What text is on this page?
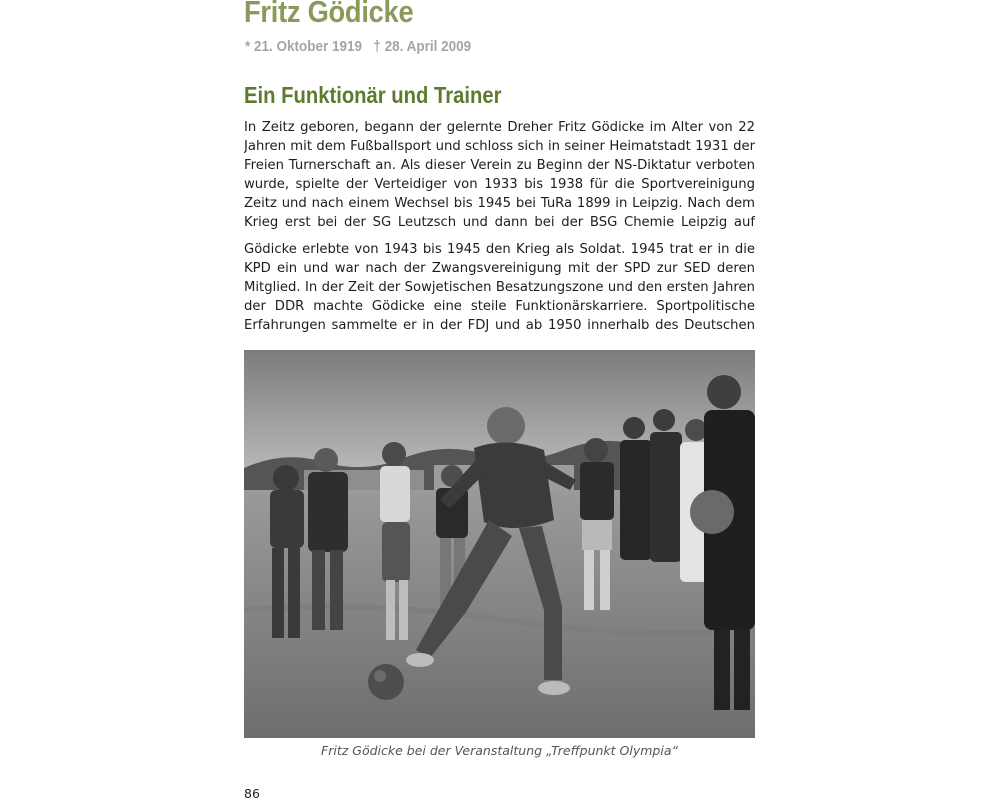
Fritz Gödicke

* 21. Oktober 1919   † 28. April 2009

Ein Funktionär und Trainer

In Zeitz geboren, begann der gelernte Dreher Fritz Gödicke im Alter von 22 Jahren mit dem Fußballsport und schloss sich in seiner Heimatstadt 1931 der Freien Turnerschaft an. Als dieser Verein zu Beginn der NS-Diktatur verboten wurde, spielte der Verteidiger von 1933 bis 1938 für die Sportvereinigung Zeitz und nach einem Wechsel bis 1945 bei TuRa 1899 in Leipzig. Nach dem Krieg erst bei der SG Leutzsch und dann bei der BSG Chemie Leipzig auf

Gödicke erlebte von 1943 bis 1945 den Krieg als Soldat. 1945 trat er in die KPD ein und war nach der Zwangsvereinigung mit der SPD zur SED deren Mitglied. In der Zeit der Sowjetischen Besatzungszone und den ersten Jahren der DDR machte Gödicke eine steile Funktionärskarriere. Sportpolitische Erfahrungen sammelte er in der FDJ und ab 1950 innerhalb des Deutschen

Fritz Gödicke bei der Veranstaltung „Treffpunkt Olympia“

86
